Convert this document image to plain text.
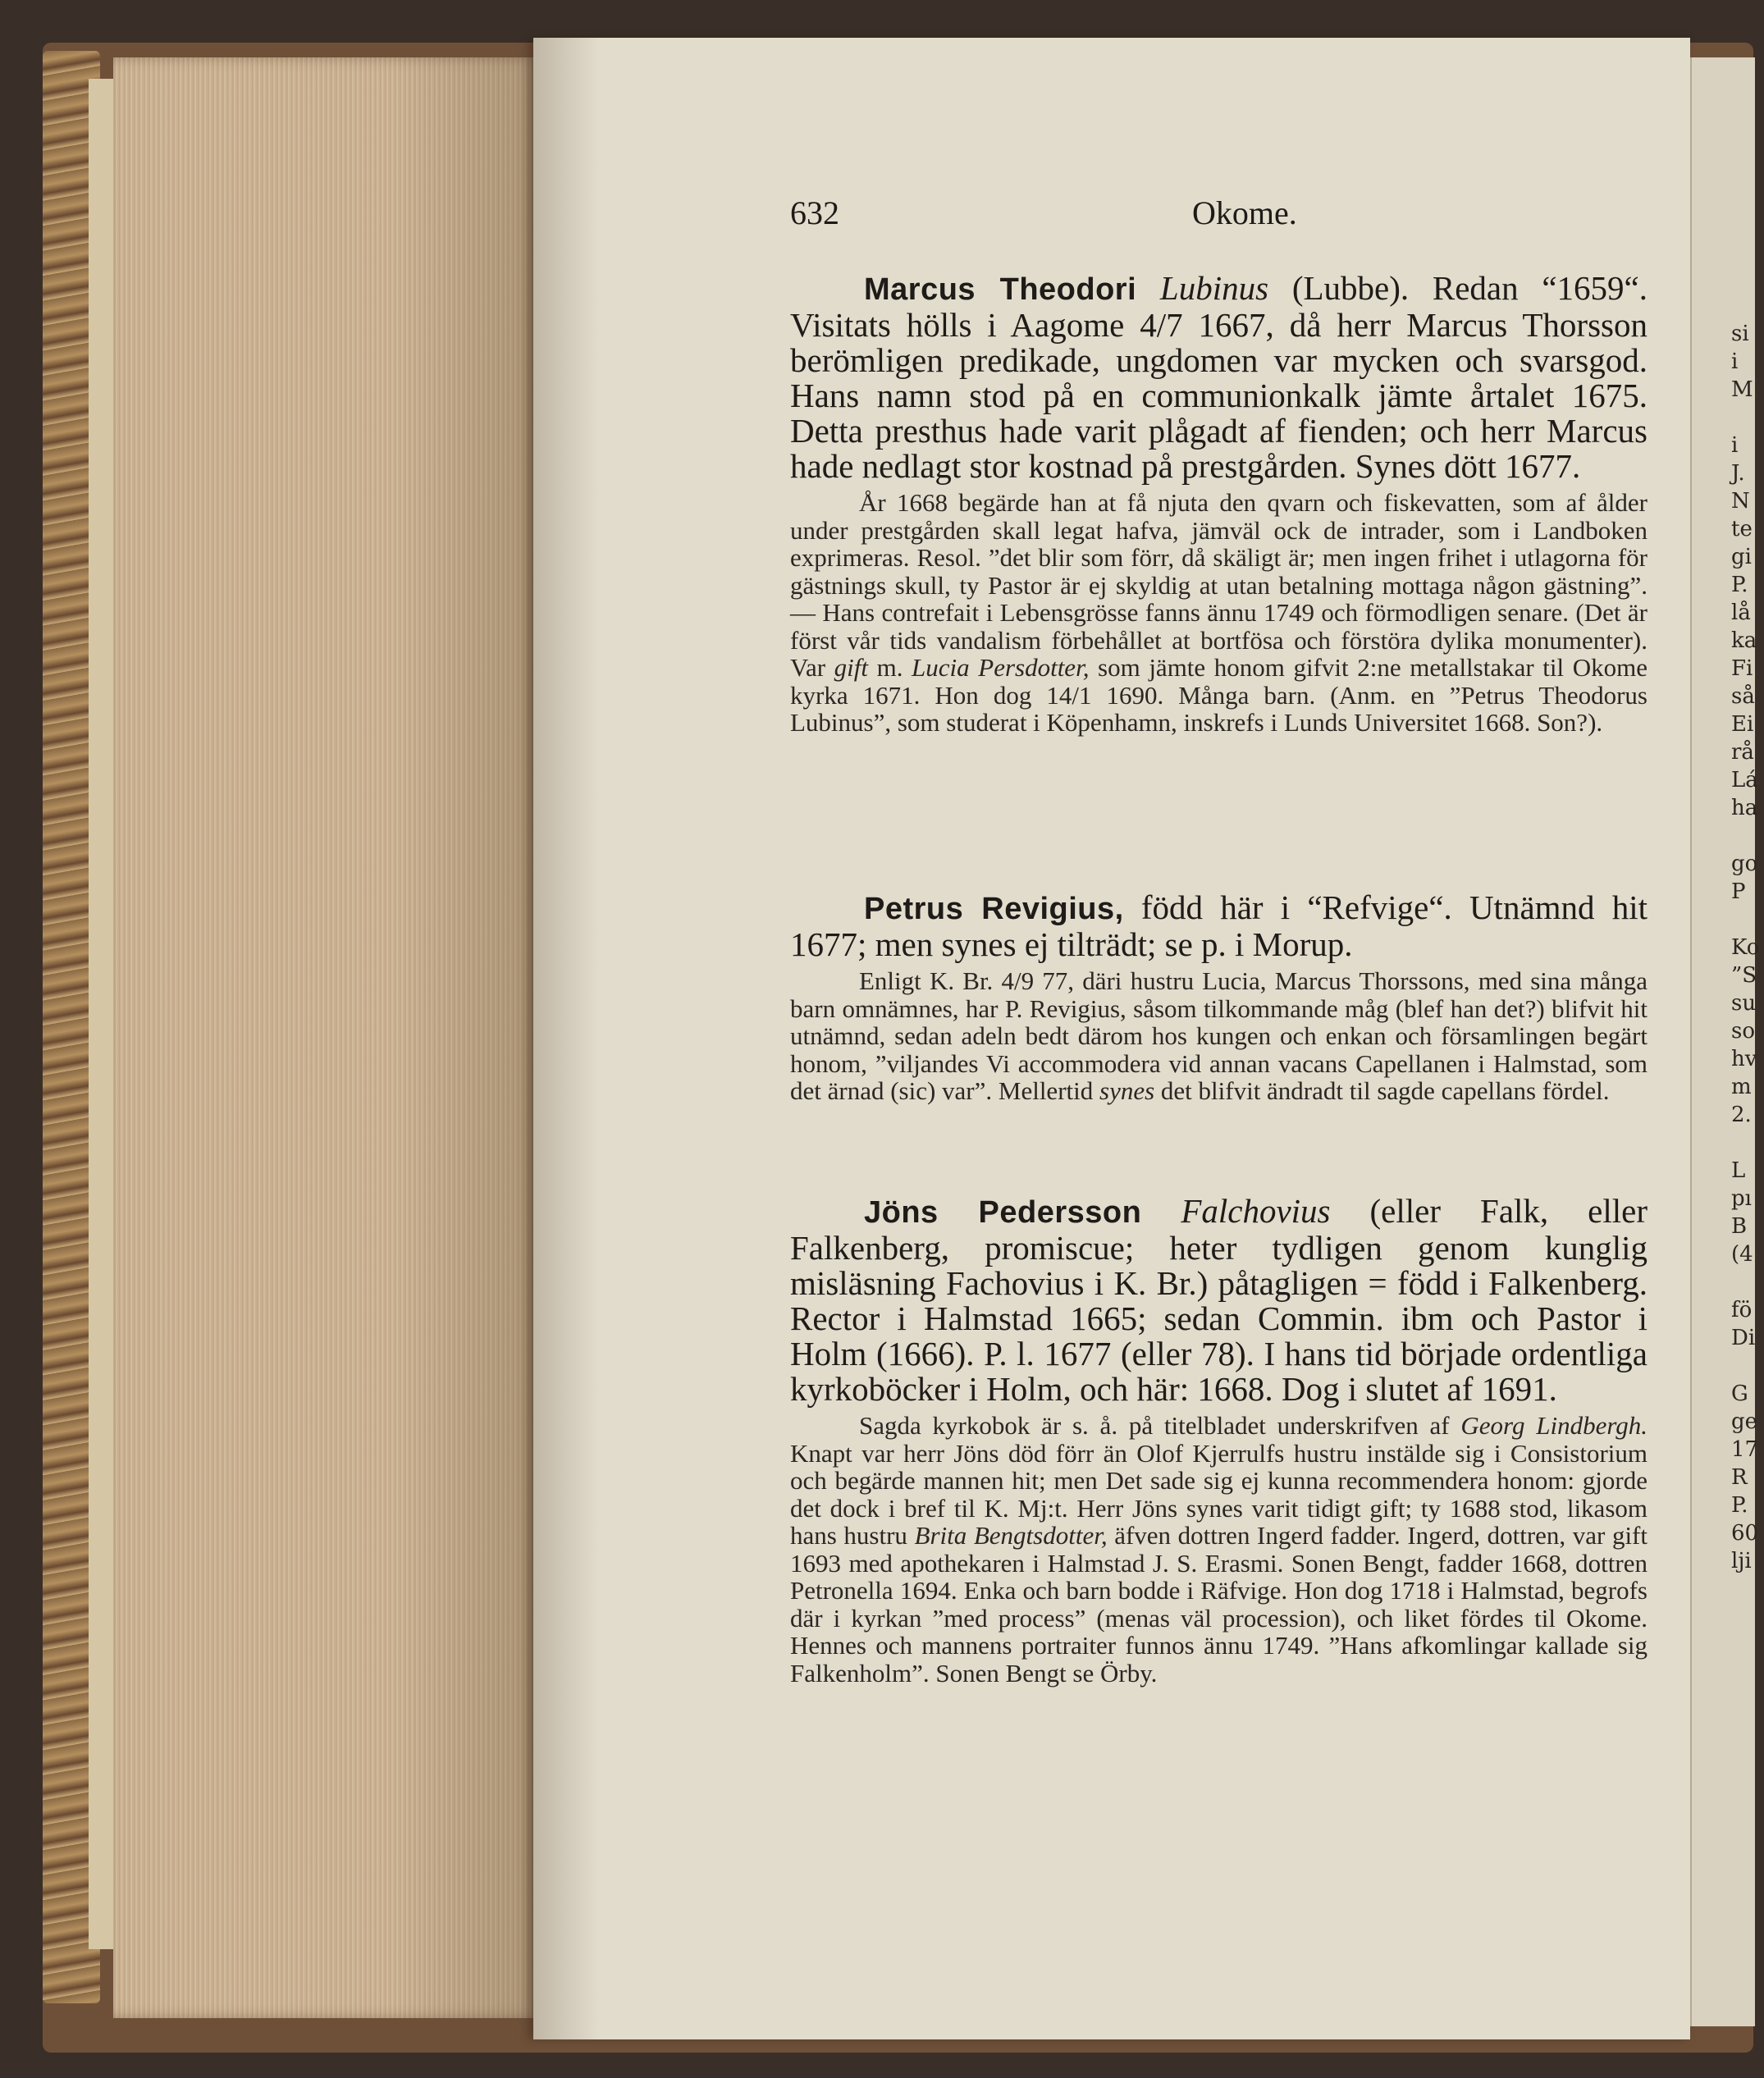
si
i
M

i
J.
N
te
gi
P.
lå
ka
Fi
så
Ei
rå
Lá
ha

go
P

Ko
”S
su
so
hv
m
2.

L
pı
B
(4

fö
Di

G
ge
17
R
P.
60
lji
632	Okome.

Marcus Theodori Lubinus (Lubbe). Redan “1659“. Visitats hölls i Aagome 4/7 1667, då herr Marcus Thorsson berömligen predikade, ungdomen var mycken och svarsgod. Hans namn stod på en communionkalk jämte årtalet 1675. Detta presthus hade varit plågadt af fienden; och herr Marcus hade nedlagt stor kostnad på prestgården. Synes dött 1677.

År 1668 begärde han at få njuta den qvarn och fiskevatten, som af ålder under prestgården skall legat hafva, jämväl ock de intrader, som i Landboken exprimeras. Resol. ”det blir som förr, då skäligt är; men ingen frihet i utlagorna för gästnings skull, ty Pastor är ej skyldig at utan betalning mottaga någon gästning”. — Hans contrefait i Lebensgrösse fanns ännu 1749 och förmodligen senare. (Det är först vår tids vandalism förbehållet at bortfösa och förstöra dylika monumenter). Var gift m. Lucia Persdotter, som jämte honom gifvit 2:ne metallstakar til Okome kyrka 1671. Hon dog 14/1 1690. Många barn. (Anm. en ”Petrus Theodorus Lubinus”, som studerat i Köpenhamn, inskrefs i Lunds Universitet 1668. Son?).

Petrus Revigius, född här i “Refvige“. Utnämnd hit 1677; men synes ej tilträdt; se p. i Morup.

Enligt K. Br. 4/9 77, däri hustru Lucia, Marcus Thorssons, med sina många barn omnämnes, har P. Revigius, såsom tilkommande måg (blef han det?) blifvit hit utnämnd, sedan adeln bedt därom hos kungen och enkan och församlingen begärt honom, ”viljandes Vi accommodera vid annan vacans Capellanen i Halmstad, som det ärnad (sic) var”. Mellertid synes det blifvit ändradt til sagde capellans fördel.

Jöns Pedersson Falchovius (eller Falk, eller Falkenberg, promiscue; heter tydligen genom kunglig misläsning Fachovius i K. Br.) påtagligen = född i Falkenberg. Rector i Halmstad 1665; sedan Commin. ibm och Pastor i Holm (1666). P. l. 1677 (eller 78). I hans tid började ordentliga kyrkoböcker i Holm, och här: 1668. Dog i slutet af 1691.

Sagda kyrkobok är s. å. på titelbladet underskrifven af Georg Lindbergh. Knapt var herr Jöns död förr än Olof Kjerrulfs hustru instälde sig i Consistorium och begärde mannen hit; men Det sade sig ej kunna recommendera honom: gjorde det dock i bref til K. Mj:t. Herr Jöns synes varit tidigt gift; ty 1688 stod, likasom hans hustru Brita Bengtsdotter, äfven dottren Ingerd fadder. Ingerd, dottren, var gift 1693 med apothekaren i Halmstad J. S. Erasmi. Sonen Bengt, fadder 1668, dottren Petronella 1694. Enka och barn bodde i Räfvige. Hon dog 1718 i Halmstad, begrofs där i kyrkan ”med process” (menas väl procession), och liket fördes til Okome. Hennes och mannens portraiter funnos ännu 1749. ”Hans afkomlingar kallade sig Falkenholm”. Sonen Bengt se Örby.
